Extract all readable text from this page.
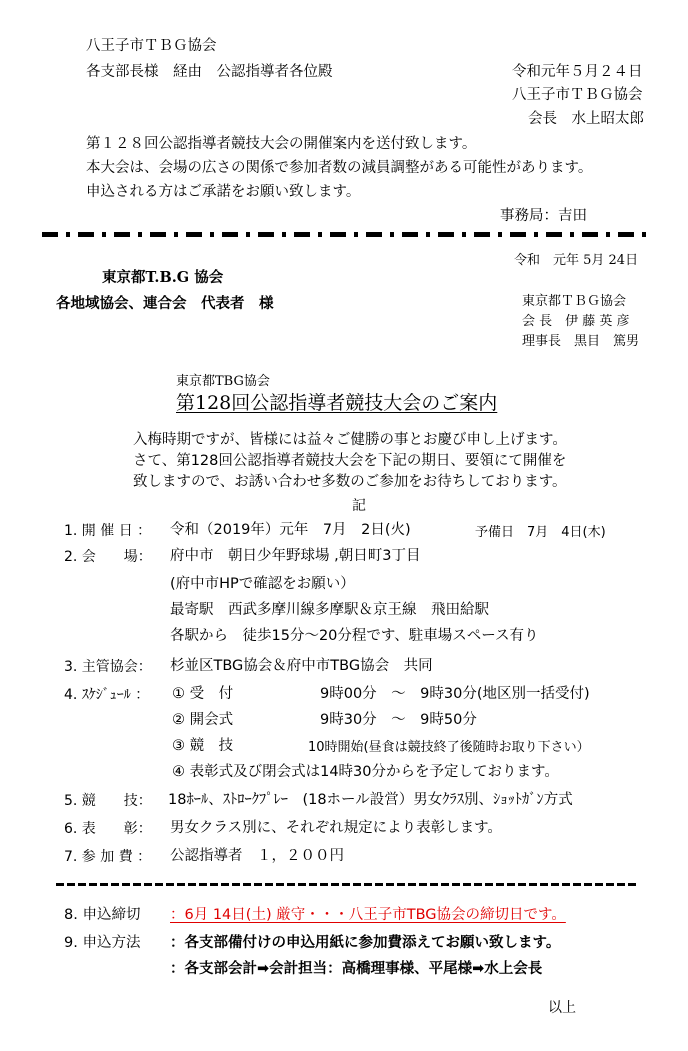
八王子市ＴＢＧ協会
各支部長様　経由　公認指導者各位殿	令和元年５月２４日
八王子市ＴＢＧ協会
会長　水上昭太郎
第１２８回公認指導者競技大会の開催案内を送付致します。
本大会は、会場の広さの関係で参加者数の減員調整がある可能性があります。
申込される方はご承諾をお願い致します。
事務局：吉田
令和　元年 5月 24日
東京都T.B.G 協会
各地域協会、連合会　代表者　様	東京都ＴＢＧ協会
会 長　伊 藤 英 彦
理事長　黒目　篤男
東京都TBG協会
第128回公認指導者競技大会のご案内
入梅時期ですが、皆様には益々ご健勝の事とお慶び申し上げます。
さて、第128回公認指導者競技大会を下記の期日、要領にて開催を
致しますので、お誘い合わせ多数のご参加をお待ちしております。
記
1. 開 催 日 ： 令和（2019年）元年　7月　2日(火)	予備日　7月　4日(木)
2. 会　　場： 府中市　朝日少年野球場 ,朝日町3丁目
(府中市HPで確認をお願い）
最寄駅　西武多摩川線多摩駅＆京王線　飛田給駅
各駅から　徒歩15分～20分程です、駐車場スペース有り
3. 主管協会： 杉並区TBG協会＆府中市TBG協会　共同
4. ｽｹｼﾞｭｰﾙ ： ① 受　付	9時00分　～　9時30分(地区別一括受付)
② 開会式	9時30分　～　9時50分
③ 競　技	10時開始(昼食は競技終了後随時お取り下さい）
④ 表彰式及び閉会式は14時30分からを予定しております。
5. 競　　技： 18ﾎｰﾙ、ｽﾄﾛｰｸﾌﾟﾚｰ　(18ホール設営）男女ｸﾗｽ別、ｼｮｯﾄｶﾞﾝ方式
6. 表　　彰： 男女クラス別に、それぞれ規定により表彰します。
7. 参 加 費 ： 公認指導者　１，２００円
8. 申込締切 ：6月 14日(土) 厳守・・・八王子市TBG協会の締切日です。
9. 申込方法 ：各支部備付けの申込用紙に参加費添えてお願い致します。
：各支部会計➡会計担当：高橋理事様、平尾様➡水上会長
以上
